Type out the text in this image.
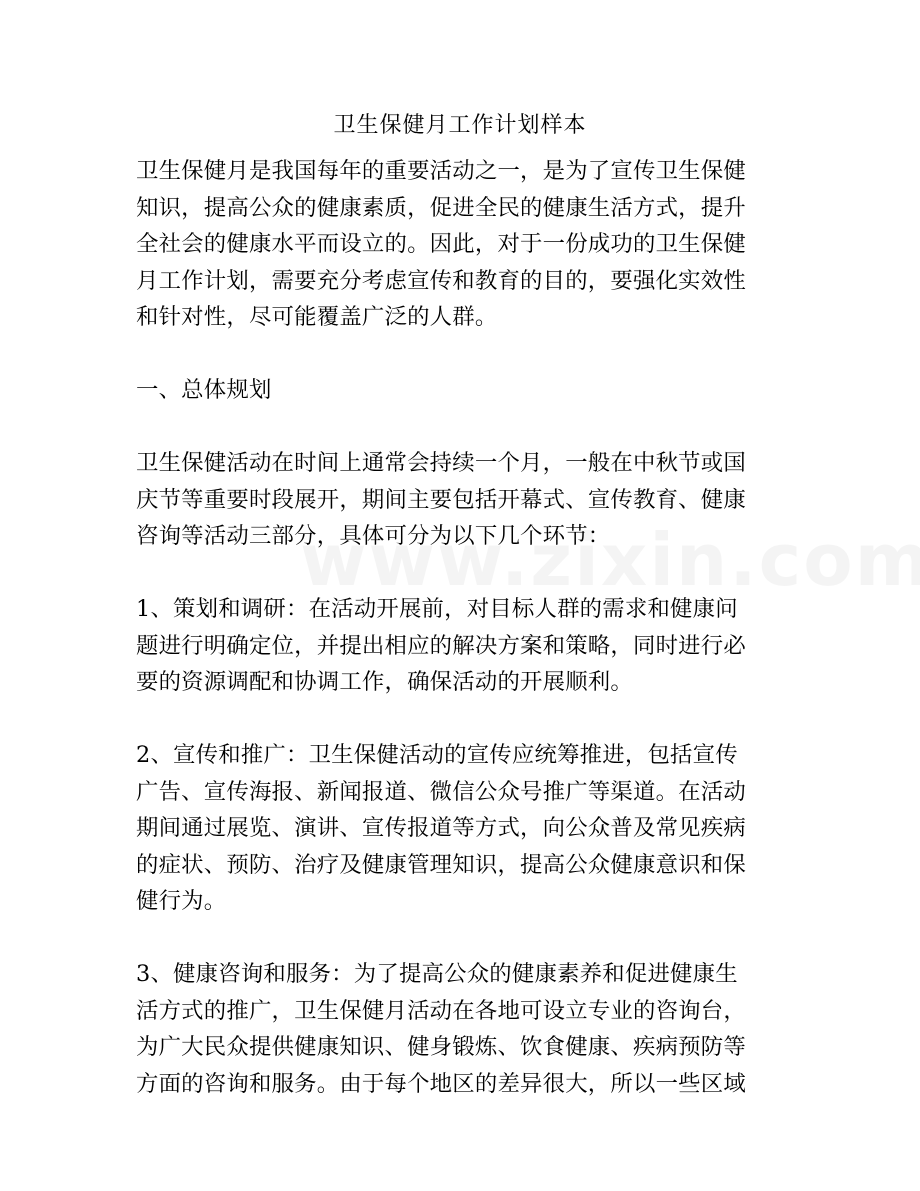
卫生保健月工作计划样本
卫生保健月是我国每年的重要活动之一，是为了宣传卫生保健
知识，提高公众的健康素质，促进全民的健康生活方式，提升
全社会的健康水平而设立的。因此，对于一份成功的卫生保健
月工作计划，需要充分考虑宣传和教育的目的，要强化实效性
和针对性，尽可能覆盖广泛的人群。
一、总体规划
卫生保健活动在时间上通常会持续一个月，一般在中秋节或国
庆节等重要时段展开，期间主要包括开幕式、宣传教育、健康
咨询等活动三部分，具体可分为以下几个环节：
1、策划和调研：在活动开展前，对目标人群的需求和健康问
题进行明确定位，并提出相应的解决方案和策略，同时进行必
要的资源调配和协调工作，确保活动的开展顺利。
2、宣传和推广：卫生保健活动的宣传应统筹推进，包括宣传
广告、宣传海报、新闻报道、微信公众号推广等渠道。在活动
期间通过展览、演讲、宣传报道等方式，向公众普及常见疾病
的症状、预防、治疗及健康管理知识，提高公众健康意识和保
健行为。
3、健康咨询和服务：为了提高公众的健康素养和促进健康生
活方式的推广，卫生保健月活动在各地可设立专业的咨询台，
为广大民众提供健康知识、健身锻炼、饮食健康、疾病预防等
方面的咨询和服务。由于每个地区的差异很大，所以一些区域
